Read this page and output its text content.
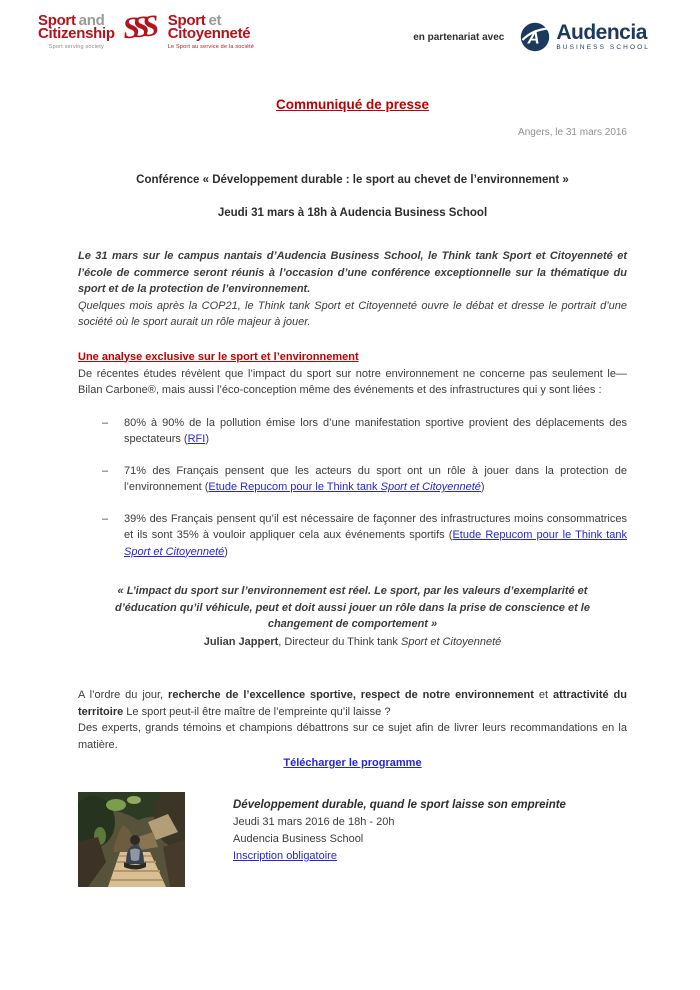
Sport and
Citizenship
Sport serving society
SSS Sport et
Citoyenneté
Le Sport au service de la société
en partenariat avec A Audencia
BUSINESS SCHOOL
Communiqué de presse
Angers, le 31 mars 2016
Conférence « Développement durable : le sport au chevet de l’environnement »
Jeudi 31 mars à 18h à Audencia Business School
Le 31 mars sur le campus nantais d’Audencia Business School, le Think tank Sport et Citoyenneté et l’école de commerce seront réunis à l’occasion d’une conférence exceptionnelle sur la thématique du sport et de la protection de l’environnement.
Quelques mois après la COP21, le Think tank Sport et Citoyenneté ouvre le débat et dresse le portrait d’une société où le sport aurait un rôle majeur à jouer.
Une analyse exclusive sur le sport et l’environnement
De récentes études révèlent que l’impact du sport sur notre environnement ne concerne pas seulement le—Bilan Carbone®, mais aussi l’éco-conception même des événements et des infrastructures qui y sont liées :
–	80% à 90% de la pollution émise lors d’une manifestation sportive provient des déplacements des spectateurs (RFI)
–	71% des Français pensent que les acteurs du sport ont un rôle à jouer dans la protection de l’environnement (Etude Repucom pour le Think tank Sport et Citoyenneté)
–	39% des Français pensent qu’il est nécessaire de façonner des infrastructures moins consommatrices et ils sont 35% à vouloir appliquer cela aux événements sportifs (Etude Repucom pour le Think tank Sport et Citoyenneté)
« L’impact du sport sur l’environnement est réel. Le sport, par les valeurs d’exemplarité et d’éducation qu’il véhicule, peut et doit aussi jouer un rôle dans la prise de conscience et le changement de comportement »
Julian Jappert, Directeur du Think tank Sport et Citoyenneté
A l’ordre du jour, recherche de l’excellence sportive, respect de notre environnement et attractivité du territoire Le sport peut-il être maître de l’empreinte qu’il laisse ?
Des experts, grands témoins et champions débattrons sur ce sujet afin de livrer leurs recommandations en la matière.
Télécharger le programme
Développement durable, quand le sport laisse son empreinte
Jeudi 31 mars 2016 de 18h - 20h
Audencia Business School
Inscription obligatoire
